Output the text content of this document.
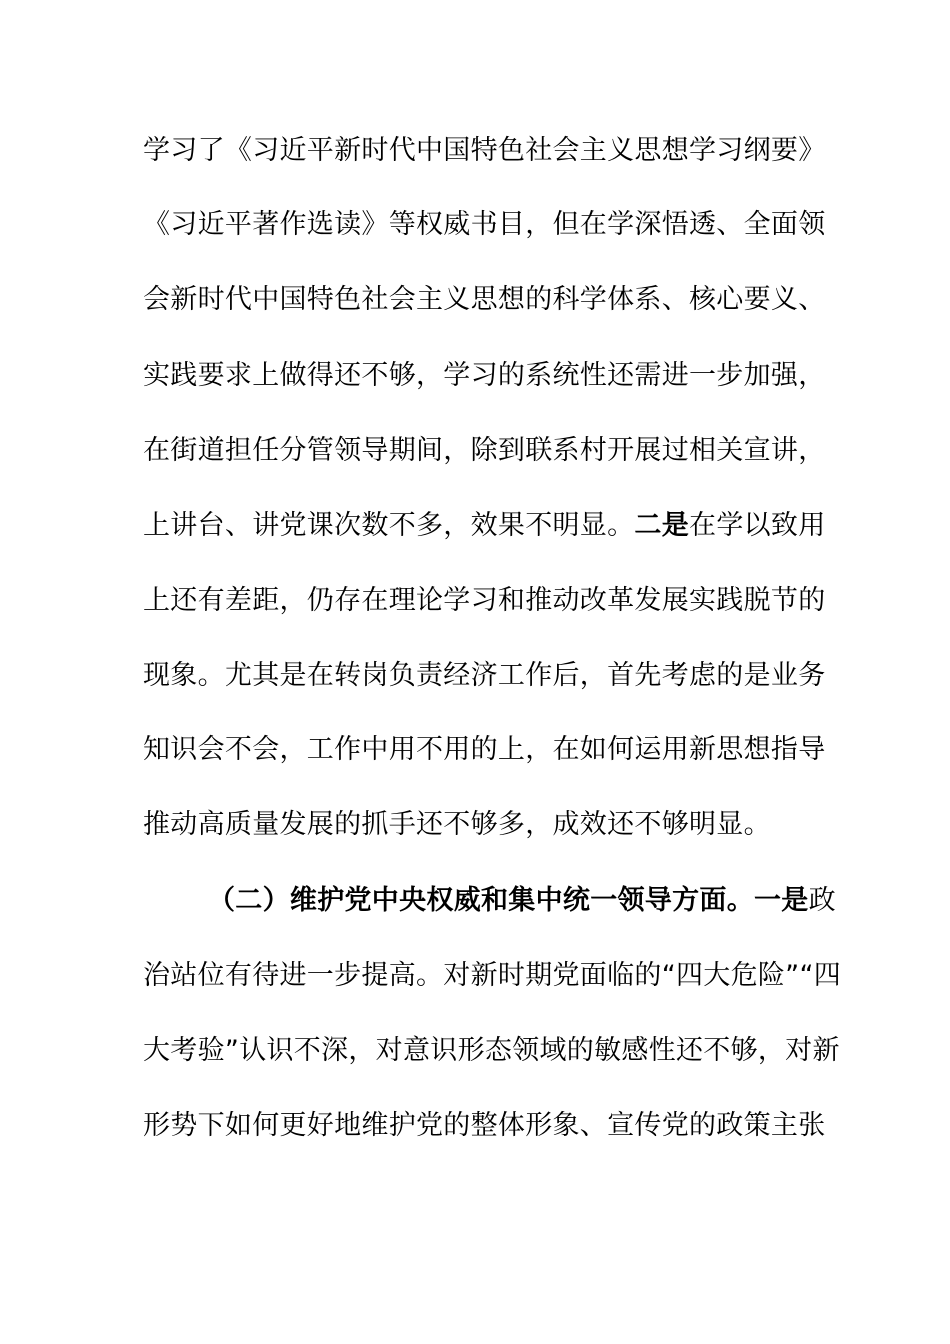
学习了《习近平新时代中国特色社会主义思想学习纲要》
《习近平著作选读》等权威书目，但在学深悟透、全面领
会新时代中国特色社会主义思想的科学体系、核心要义、
实践要求上做得还不够，学习的系统性还需进一步加强，
在街道担任分管领导期间，除到联系村开展过相关宣讲，
上讲台、讲党课次数不多，效果不明显。二是在学以致用
上还有差距，仍存在理论学习和推动改革发展实践脱节的
现象。尤其是在转岗负责经济工作后，首先考虑的是业务
知识会不会，工作中用不用的上，在如何运用新思想指导
推动高质量发展的抓手还不够多，成效还不够明显。
（二）维护党中央权威和集中统一领导方面。一是政
治站位有待进一步提高。对新时期党面临的“四大危险”“四
大考验”认识不深，对意识形态领域的敏感性还不够，对新
形势下如何更好地维护党的整体形象、宣传党的政策主张
